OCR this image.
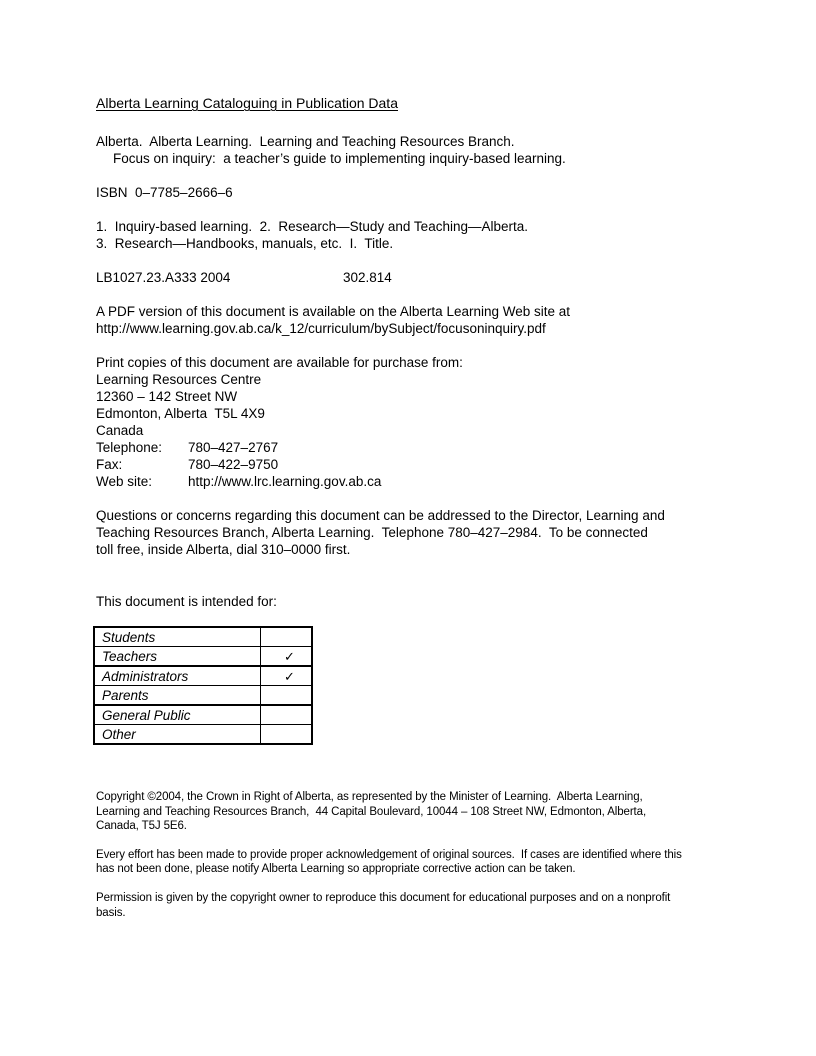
Alberta Learning Cataloguing in Publication Data
Alberta.  Alberta Learning.  Learning and Teaching Resources Branch.
Focus on inquiry:  a teacher’s guide to implementing inquiry-based learning.
ISBN  0–7785–2666–6
1.  Inquiry-based learning.  2.  Research—Study and Teaching—Alberta.
3.  Research—Handbooks, manuals, etc.  I.  Title.
LB1027.23.A333 2004	302.814
A PDF version of this document is available on the Alberta Learning Web site at
http://www.learning.gov.ab.ca/k_12/curriculum/bySubject/focusoninquiry.pdf
Print copies of this document are available for purchase from:
Learning Resources Centre
12360 – 142 Street NW
Edmonton, Alberta  T5L 4X9
Canada
Telephone:	780–427–2767
Fax:	780–422–9750
Web site:	http://www.lrc.learning.gov.ab.ca
Questions or concerns regarding this document can be addressed to the Director, Learning and
Teaching Resources Branch, Alberta Learning.  Telephone 780–427–2984.  To be connected
toll free, inside Alberta, dial 310–0000 first.
This document is intended for:
Students	
Teachers	✓
Administrators	✓
Parents	
General Public	
Other	
Copyright ©2004, the Crown in Right of Alberta, as represented by the Minister of Learning.  Alberta Learning,
Learning and Teaching Resources Branch,  44 Capital Boulevard, 10044 – 108 Street NW, Edmonton, Alberta,
Canada, T5J 5E6.
Every effort has been made to provide proper acknowledgement of original sources.  If cases are identified where this
has not been done, please notify Alberta Learning so appropriate corrective action can be taken.
Permission is given by the copyright owner to reproduce this document for educational purposes and on a nonprofit
basis.
